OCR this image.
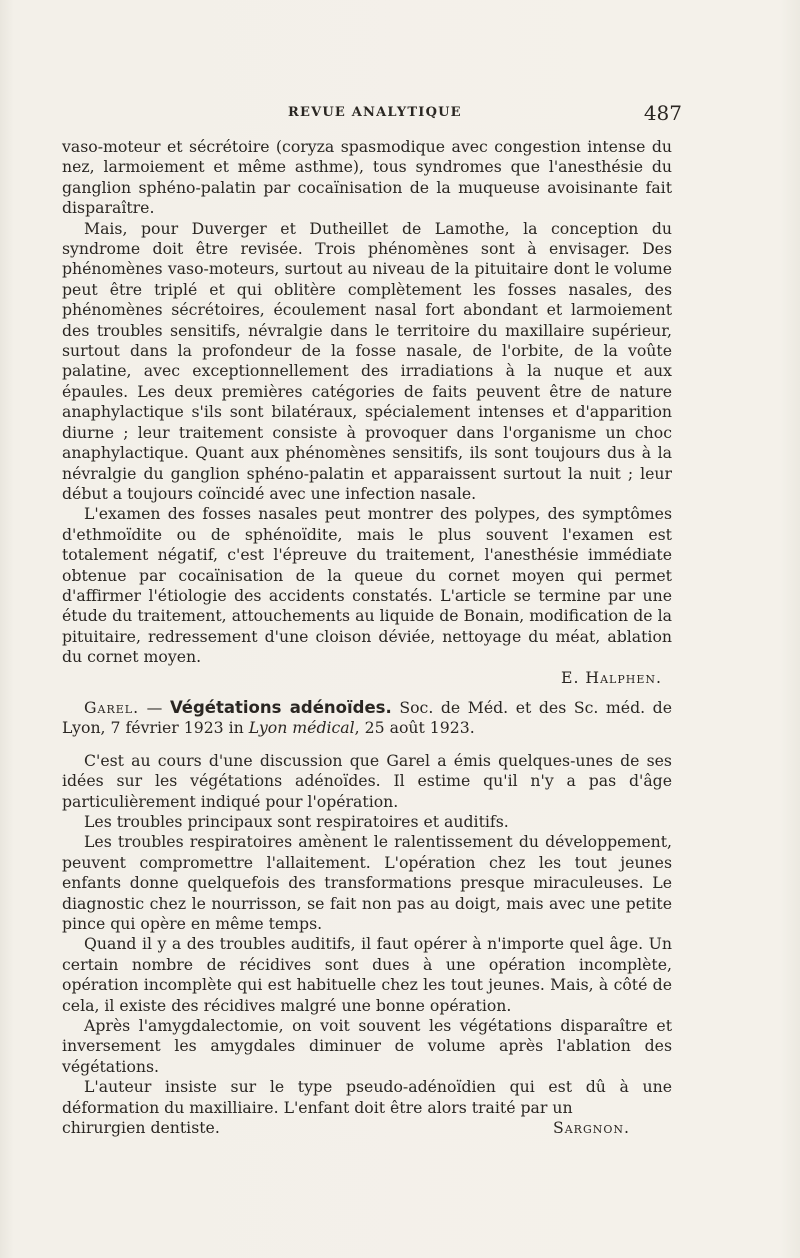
REVUE ANALYTIQUE	487

vaso-moteur et sécrétoire (coryza spasmodique avec congestion intense du nez, larmoiement et même asthme), tous syndromes que l'anesthésie du ganglion sphéno-palatin par cocaïnisation de la muqueuse avoisinante fait disparaître.

Mais, pour Duverger et Dutheillet de Lamothe, la conception du syndrome doit être revisée. Trois phénomènes sont à envisager. Des phénomènes vaso-moteurs, surtout au niveau de la pituitaire dont le volume peut être triplé et qui oblitère complètement les fosses nasales, des phénomènes sécrétoires, écoulement nasal fort abondant et larmoiement des troubles sensitifs, névralgie dans le territoire du maxillaire supérieur, surtout dans la profondeur de la fosse nasale, de l'orbite, de la voûte palatine, avec exceptionnellement des irradiations à la nuque et aux épaules. Les deux premières catégories de faits peuvent être de nature anaphylactique s'ils sont bilatéraux, spécialement intenses et d'apparition diurne ; leur traitement consiste à provoquer dans l'organisme un choc anaphylactique. Quant aux phénomènes sensitifs, ils sont toujours dus à la névralgie du ganglion sphéno-palatin et apparaissent surtout la nuit ; leur début a toujours coïncidé avec une infection nasale.

L'examen des fosses nasales peut montrer des polypes, des symptômes d'ethmoïdite ou de sphénoïdite, mais le plus souvent l'examen est totalement négatif, c'est l'épreuve du traitement, l'anesthésie immédiate obtenue par cocaïnisation de la queue du cornet moyen qui permet d'affirmer l'étiologie des accidents constatés. L'article se termine par une étude du traitement, attouchements au liquide de Bonain, modification de la pituitaire, redressement d'une cloison déviée, nettoyage du méat, ablation du cornet moyen.

E. Halphen.

Garel. — Végétations adénoïdes. Soc. de Méd. et des Sc. méd. de Lyon, 7 février 1923 in Lyon médical, 25 août 1923.

C'est au cours d'une discussion que Garel a émis quelques-unes de ses idées sur les végétations adénoïdes. Il estime qu'il n'y a pas d'âge particulièrement indiqué pour l'opération.

Les troubles principaux sont respiratoires et auditifs.

Les troubles respiratoires amènent le ralentissement du développement, peuvent compromettre l'allaitement. L'opération chez les tout jeunes enfants donne quelquefois des transformations presque miraculeuses. Le diagnostic chez le nourrisson, se fait non pas au doigt, mais avec une petite pince qui opère en même temps.

Quand il y a des troubles auditifs, il faut opérer à n'importe quel âge. Un certain nombre de récidives sont dues à une opération incomplète, opération incomplète qui est habituelle chez les tout jeunes. Mais, à côté de cela, il existe des récidives malgré une bonne opération.

Après l'amygdalectomie, on voit souvent les végétations disparaître et inversement les amygdales diminuer de volume après l'ablation des végétations.

L'auteur insiste sur le type pseudo-adénoïdien qui est dû à une déformation du maxilliaire. L'enfant doit être alors traité par un

chirurgien dentiste.	Sargnon.
